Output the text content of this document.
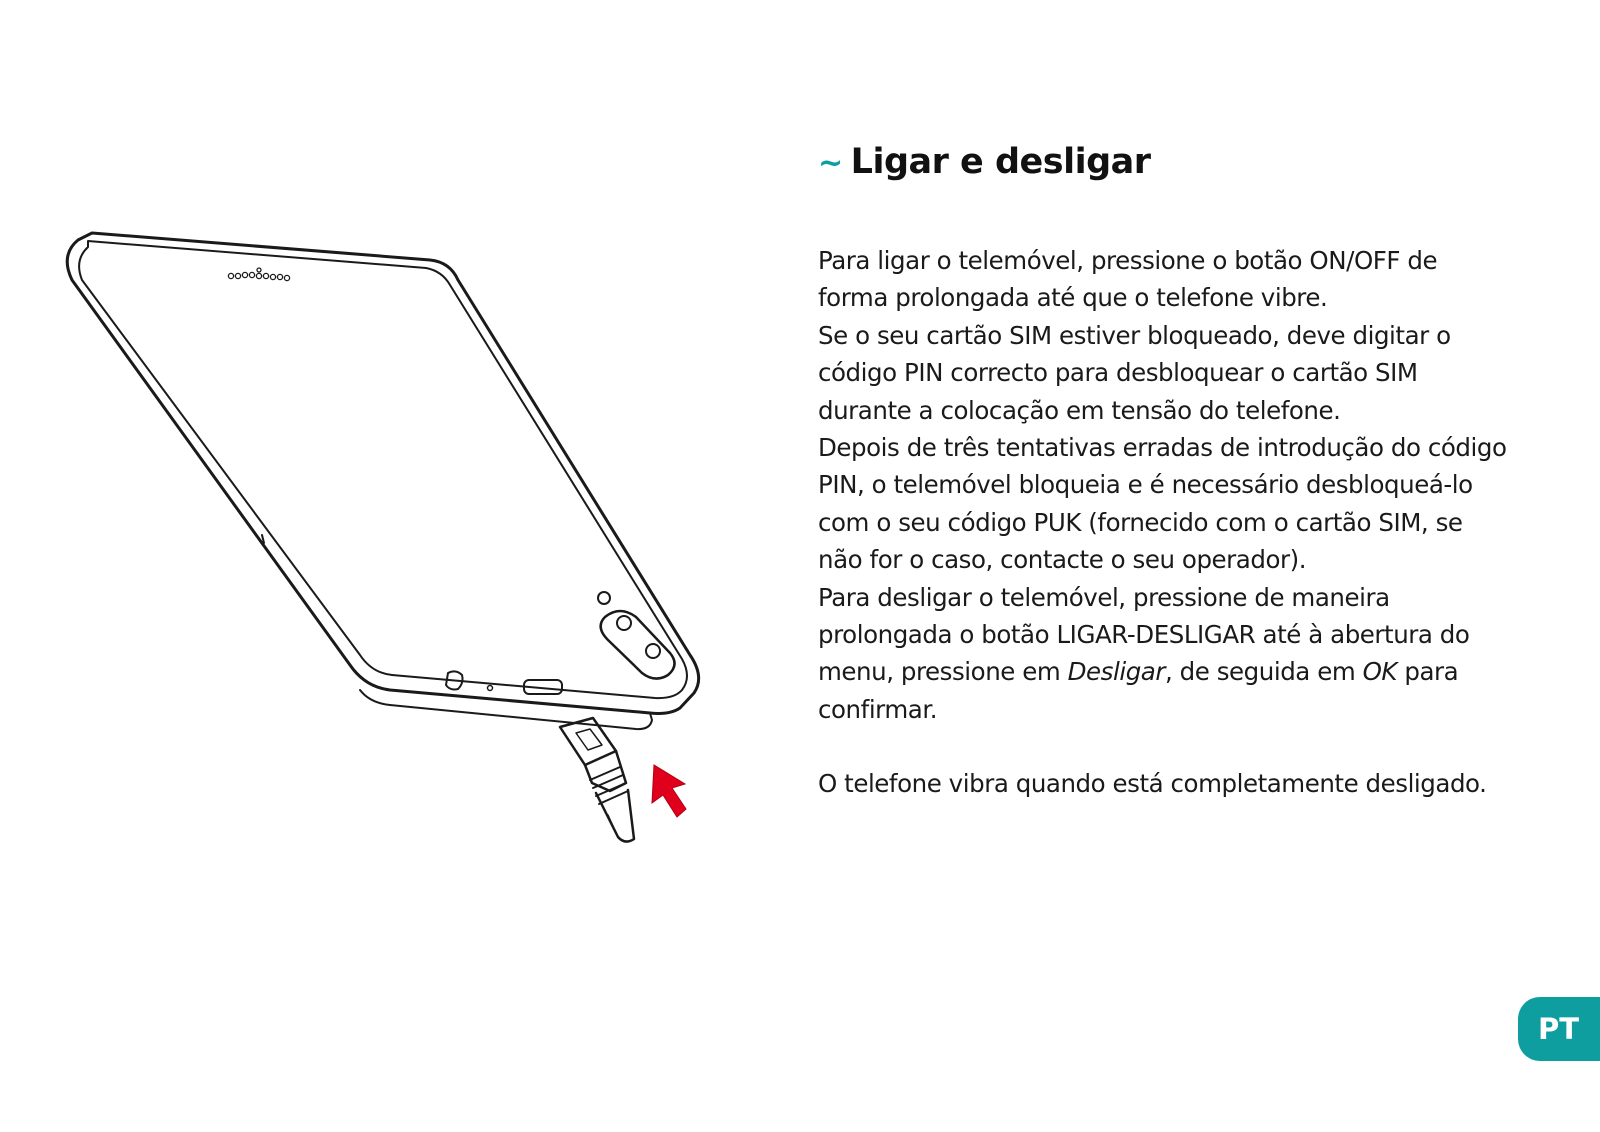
~ Ligar e desligar

Para ligar o telemóvel, pressione o botão ON/OFF de forma prolongada até que o telefone vibre.

Se o seu cartão SIM estiver bloqueado, deve digitar o código PIN correcto para desbloquear o cartão SIM durante a colocação em tensão do telefone.

Depois de três tentativas erradas de introdução do código PIN, o telemóvel bloqueia e é necessário desbloqueá-lo com o seu código PUK (fornecido com o cartão SIM, se não for o caso, contacte o seu operador).

Para desligar o telemóvel, pressione de maneira prolongada o botão LIGAR-DESLIGAR até à abertura do menu, pressione em Desligar, de seguida em OK para confirmar.

O telefone vibra quando está completamente desligado.

PT
